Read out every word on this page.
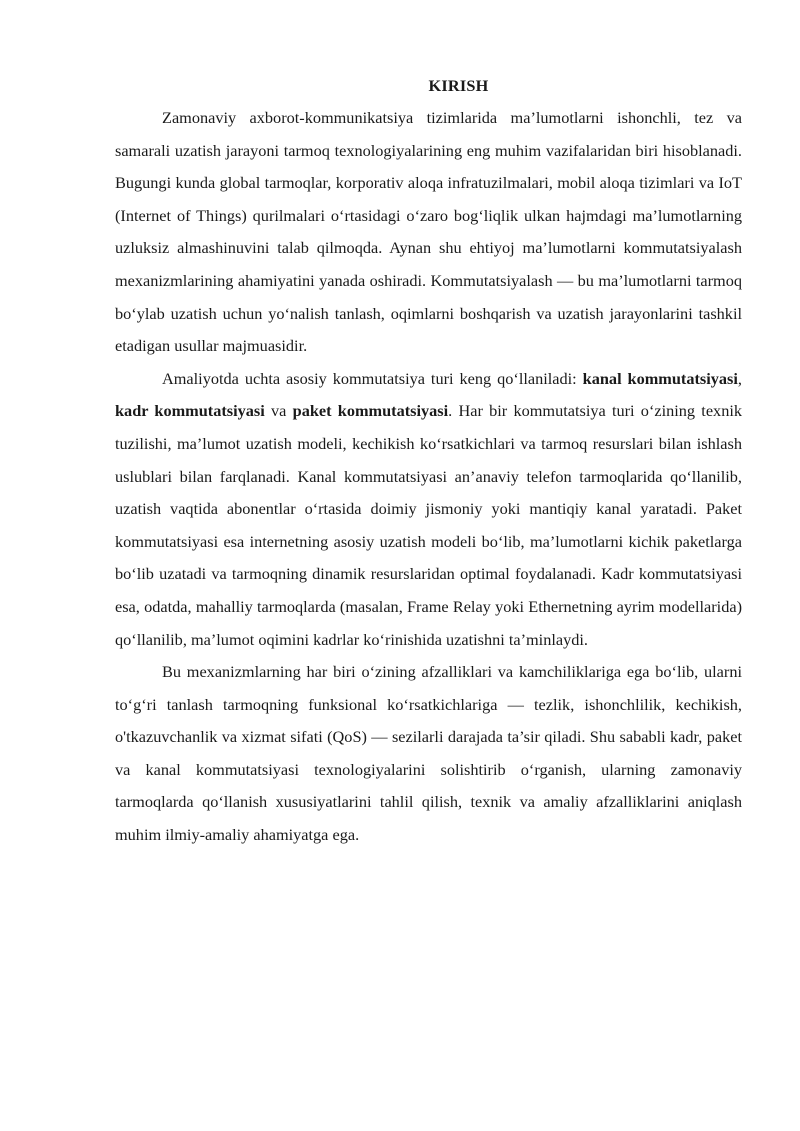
KIRISH

Zamonaviy axborot-kommunikatsiya tizimlarida ma’lumotlarni ishonchli, tez va samarali uzatish jarayoni tarmoq texnologiyalarining eng muhim vazifalaridan biri hisoblanadi. Bugungi kunda global tarmoqlar, korporativ aloqa infratuzilmalari, mobil aloqa tizimlari va IoT (Internet of Things) qurilmalari o‘rtasidagi o‘zaro bog‘liqlik ulkan hajmdagi ma’lumotlarning uzluksiz almashinuvini talab qilmoqda. Aynan shu ehtiyoj ma’lumotlarni kommutatsiyalash mexanizmlarining ahamiyatini yanada oshiradi. Kommutatsiyalash — bu ma’lumotlarni tarmoq bo‘ylab uzatish uchun yo‘nalish tanlash, oqimlarni boshqarish va uzatish jarayonlarini tashkil etadigan usullar majmuasidir.

Amaliyotda uchta asosiy kommutatsiya turi keng qo‘llaniladi: kanal kommutatsiyasi, kadr kommutatsiyasi va paket kommutatsiyasi. Har bir kommutatsiya turi o‘zining texnik tuzilishi, ma’lumot uzatish modeli, kechikish ko‘rsatkichlari va tarmoq resurslari bilan ishlash uslublari bilan farqlanadi. Kanal kommutatsiyasi an’anaviy telefon tarmoqlarida qo‘llanilib, uzatish vaqtida abonentlar o‘rtasida doimiy jismoniy yoki mantiqiy kanal yaratadi. Paket kommutatsiyasi esa internetning asosiy uzatish modeli bo‘lib, ma’lumotlarni kichik paketlarga bo‘lib uzatadi va tarmoqning dinamik resurslaridan optimal foydalanadi. Kadr kommutatsiyasi esa, odatda, mahalliy tarmoqlarda (masalan, Frame Relay yoki Ethernetning ayrim modellarida) qo‘llanilib, ma’lumot oqimini kadrlar ko‘rinishida uzatishni ta’minlaydi.

Bu mexanizmlarning har biri o‘zining afzalliklari va kamchiliklariga ega bo‘lib, ularni to‘g‘ri tanlash tarmoqning funksional ko‘rsatkichlariga — tezlik, ishonchlilik, kechikish, o'tkazuvchanlik va xizmat sifati (QoS) — sezilarli darajada ta’sir qiladi. Shu sababli kadr, paket va kanal kommutatsiyasi texnologiyalarini solishtirib o‘rganish, ularning zamonaviy tarmoqlarda qo‘llanish xususiyatlarini tahlil qilish, texnik va amaliy afzalliklarini aniqlash muhim ilmiy-amaliy ahamiyatga ega.
